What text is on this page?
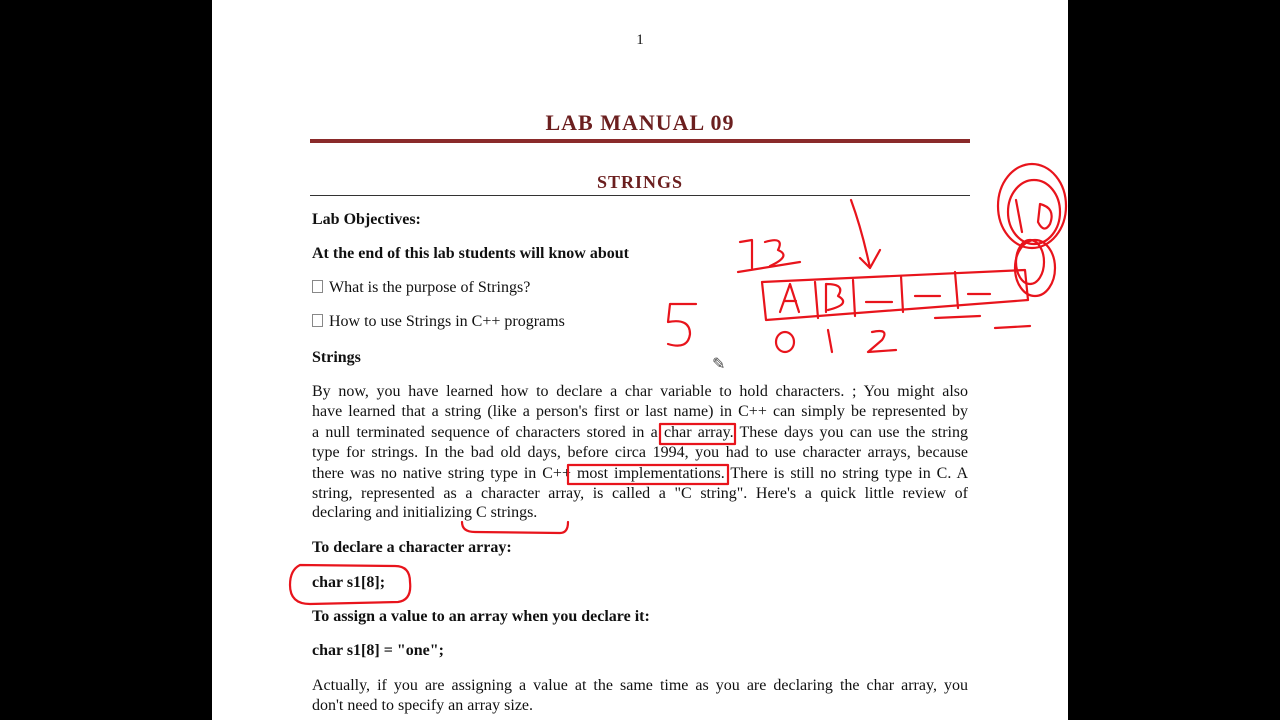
1
LAB MANUAL 09
STRINGS
Lab Objectives:
At the end of this lab students will know about
What is the purpose of Strings?
How to use Strings in C++ programs
Strings
By now, you have learned how to declare a char variable to hold characters. ; You might also
have learned that a string (like a person's first or last name) in C++ can simply be represented by
a null terminated sequence of characters stored in a char array. These days you can use the string
type for strings. In the bad old days, before circa 1994, you had to use character arrays, because
there was no native string type in C++ most implementations. There is still no string type in C. A
string, represented as a character array, is called a "C string". Here's a quick little review of
declaring and initializing C strings.
To declare a character array:
char s1[8];
To assign a value to an array when you declare it:
char s1[8] = "one";
Actually, if you are assigning a value at the same time as you are declaring the char array, you
don't need to specify an array size.
✎
